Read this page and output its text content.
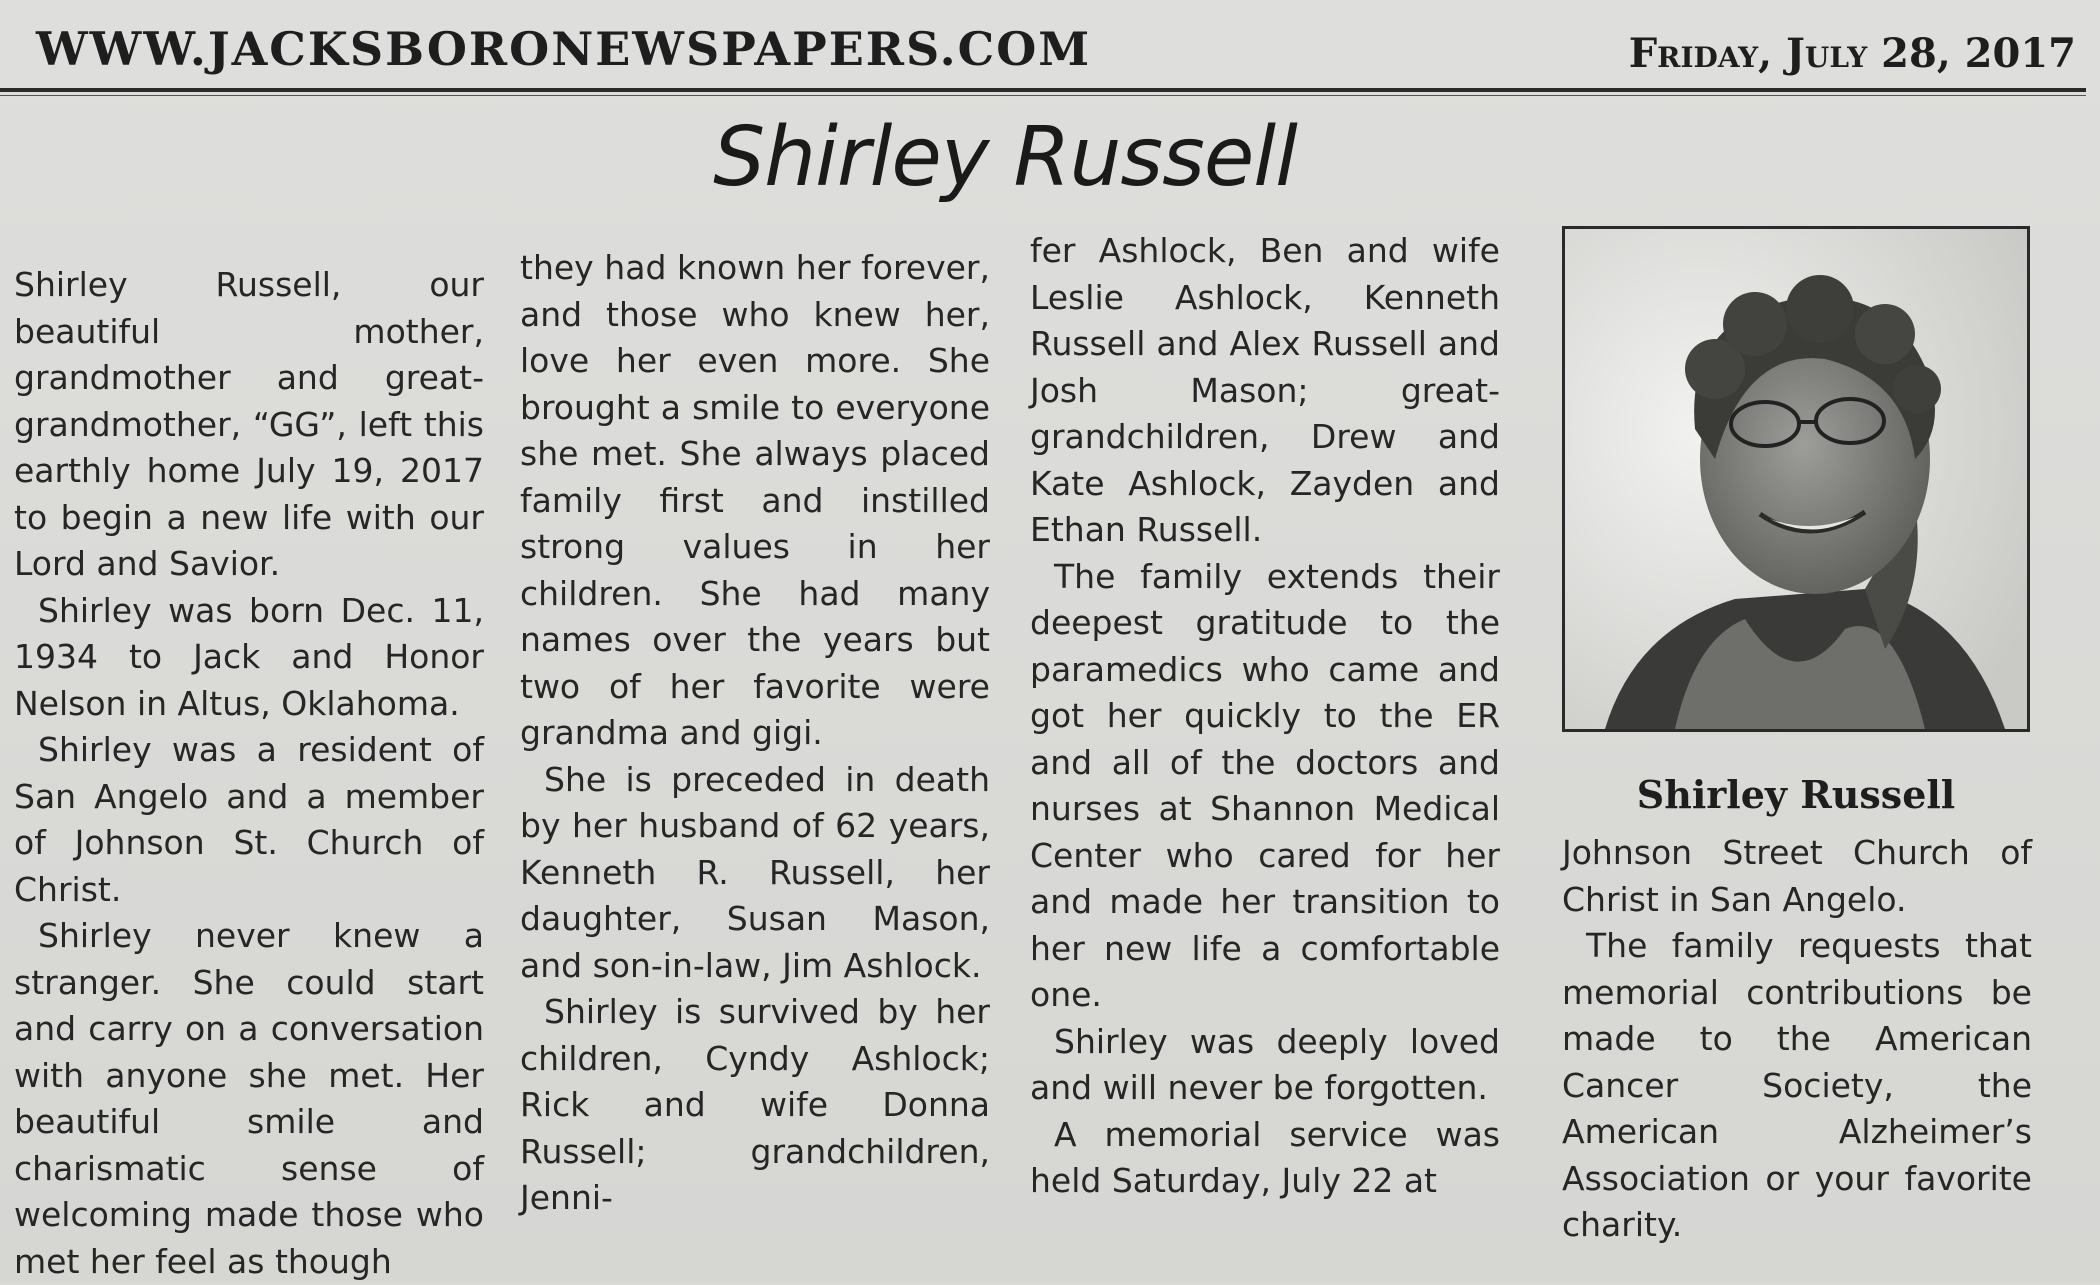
WWW.JACKSBORONEWSPAPERS.COM	Friday, July 28, 2017
Shirley Russell

Shirley Russell, our beautiful mother, grandmother and great-grandmother, “GG”, left this earthly home July 19, 2017 to begin a new life with our Lord and Savior.

Shirley was born Dec. 11, 1934 to Jack and Honor Nelson in Altus, Oklahoma.

Shirley was a resident of San Angelo and a member of Johnson St. Church of Christ.

Shirley never knew a stranger. She could start and carry on a conversation with anyone she met. Her beautiful smile and charismatic sense of welcoming made those who met her feel as though

they had known her forever, and those who knew her, love her even more. She brought a smile to everyone she met. She always placed family first and instilled strong values in her children. She had many names over the years but two of her favorite were grandma and gigi.

She is preceded in death by her husband of 62 years, Kenneth R. Russell, her daughter, Susan Mason, and son-in-law, Jim Ashlock.

Shirley is survived by her children, Cyndy Ashlock; Rick and wife Donna Russell; grandchildren, Jenni-

fer Ashlock, Ben and wife Leslie Ashlock, Kenneth Russell and Alex Russell and Josh Mason; great-grandchildren, Drew and Kate Ashlock, Zayden and Ethan Russell.

The family extends their deepest gratitude to the paramedics who came and got her quickly to the ER and all of the doctors and nurses at Shannon Medical Center who cared for her and made her transition to her new life a comfortable one.

Shirley was deeply loved and will never be forgotten.

A memorial service was held Saturday, July 22 at

Shirley Russell

Johnson Street Church of Christ in San Angelo.

The family requests that memorial contributions be made to the American Cancer Society, the American Alzheimer’s Association or your favorite charity.
